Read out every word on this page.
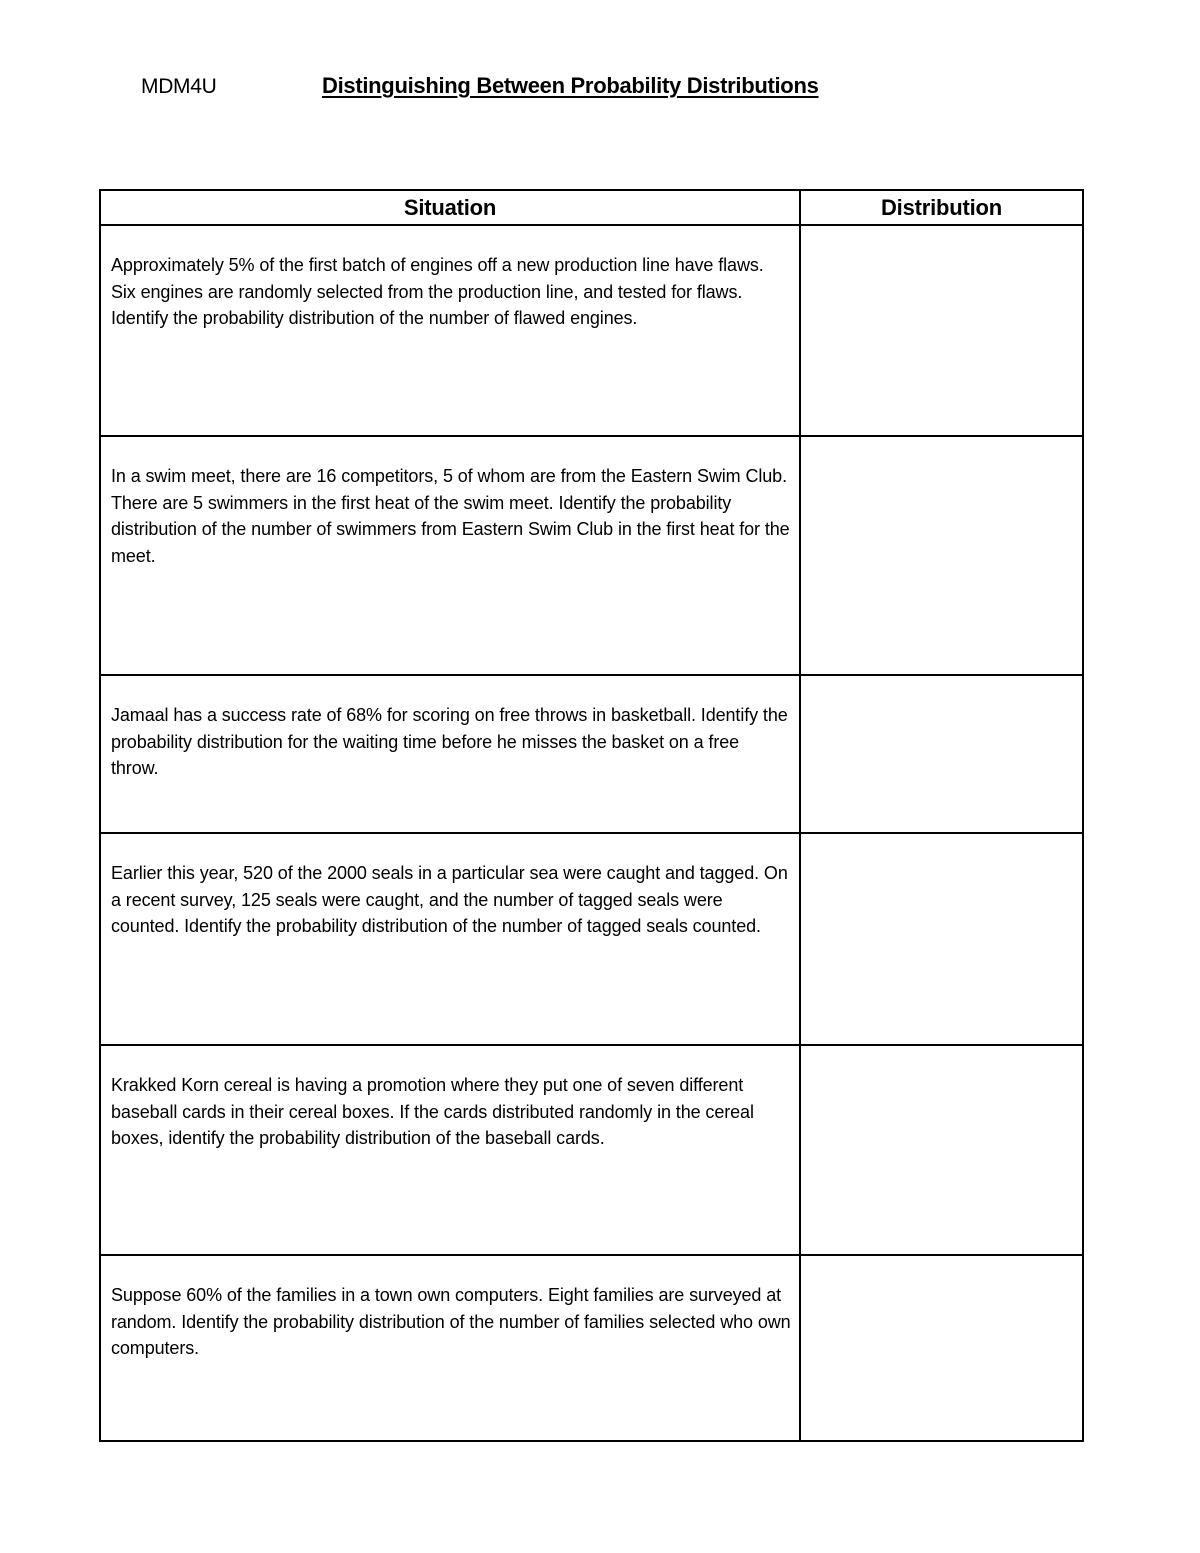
MDM4U	Distinguishing Between Probability Distributions
Situation	Distribution

Approximately 5% of the first batch of engines off a new production line have flaws. Six engines are randomly selected from the production line, and tested for flaws. Identify the probability distribution of the number of flawed engines.	

In a swim meet, there are 16 competitors, 5 of whom are from the Eastern Swim Club. There are 5 swimmers in the first heat of the swim meet. Identify the probability distribution of the number of swimmers from Eastern Swim Club in the first heat for the meet.	

Jamaal has a success rate of 68% for scoring on free throws in basketball. Identify the probability distribution for the waiting time before he misses the basket on a free throw.	

Earlier this year, 520 of the 2000 seals in a particular sea were caught and tagged. On a recent survey, 125 seals were caught, and the number of tagged seals were counted. Identify the probability distribution of the number of tagged seals counted.	

Krakked Korn cereal is having a promotion where they put one of seven different baseball cards in their cereal boxes. If the cards distributed randomly in the cereal boxes, identify the probability distribution of the baseball cards.	

Suppose 60% of the families in a town own computers. Eight families are surveyed at random. Identify the probability distribution of the number of families selected who own computers.	
